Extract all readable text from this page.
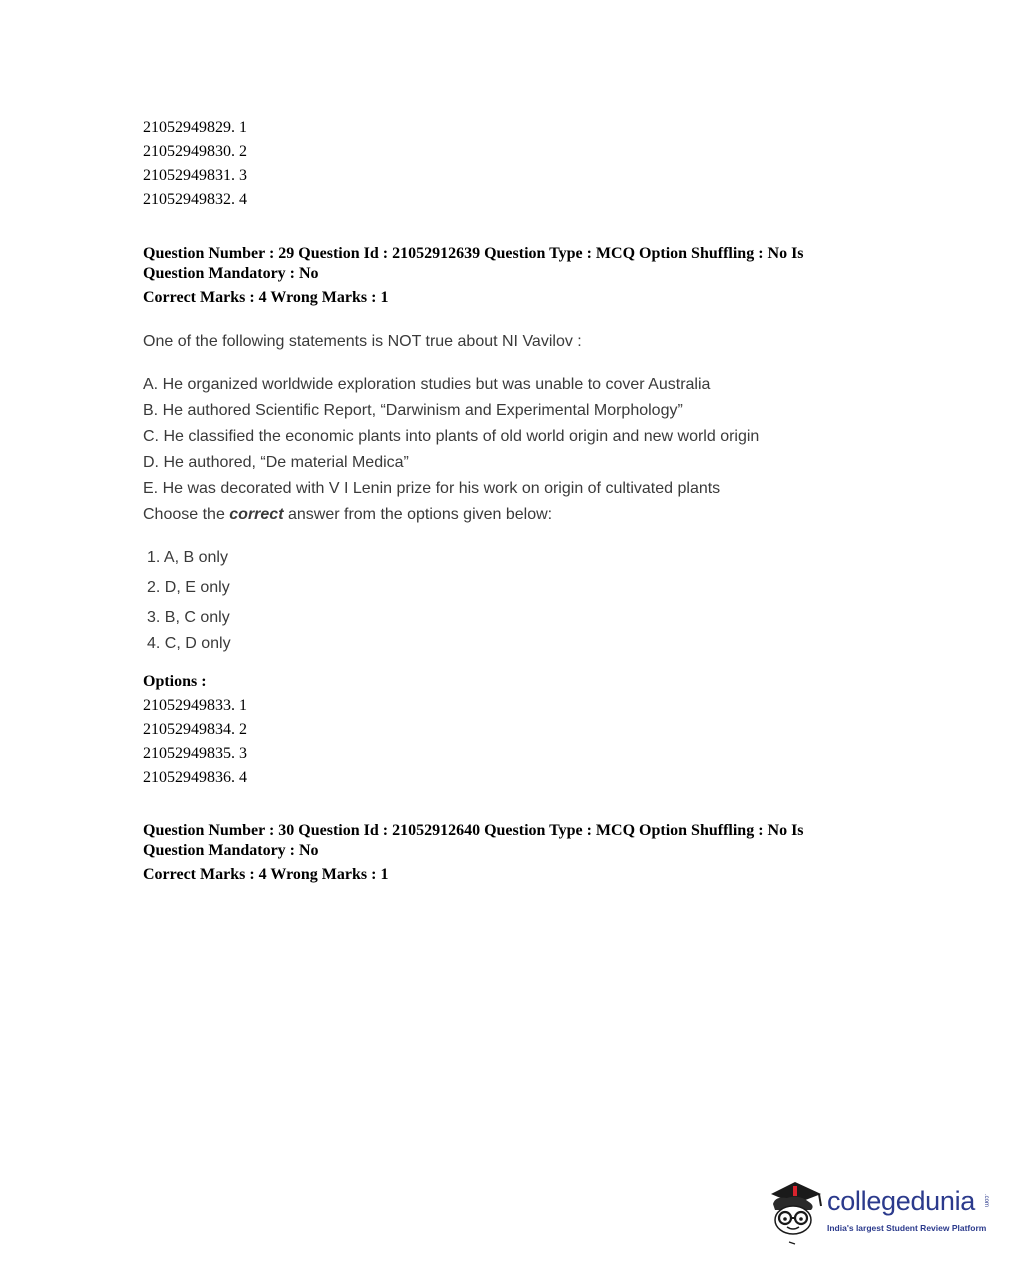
21052949829. 1
21052949830. 2
21052949831. 3
21052949832. 4
Question Number : 29 Question Id : 21052912639 Question Type : MCQ Option Shuffling : No Is
Question Mandatory : No
Correct Marks : 4 Wrong Marks : 1
One of the following statements is NOT true about NI Vavilov :
A. He organized worldwide exploration studies but was unable to cover Australia
B. He authored Scientific Report, “Darwinism and Experimental Morphology”
C. He classified the economic plants into plants of old world origin and new world origin
D. He authored, “De material Medica”
E. He was decorated with V I Lenin prize for his work on origin of cultivated plants
Choose the correct answer from the options given below:
1. A, B only
2. D, E only
3. B, C only
4. C, D only
Options :
21052949833. 1
21052949834. 2
21052949835. 3
21052949836. 4
Question Number : 30 Question Id : 21052912640 Question Type : MCQ Option Shuffling : No Is
Question Mandatory : No
Correct Marks : 4 Wrong Marks : 1
collegedunia .com
India's largest Student Review Platform
